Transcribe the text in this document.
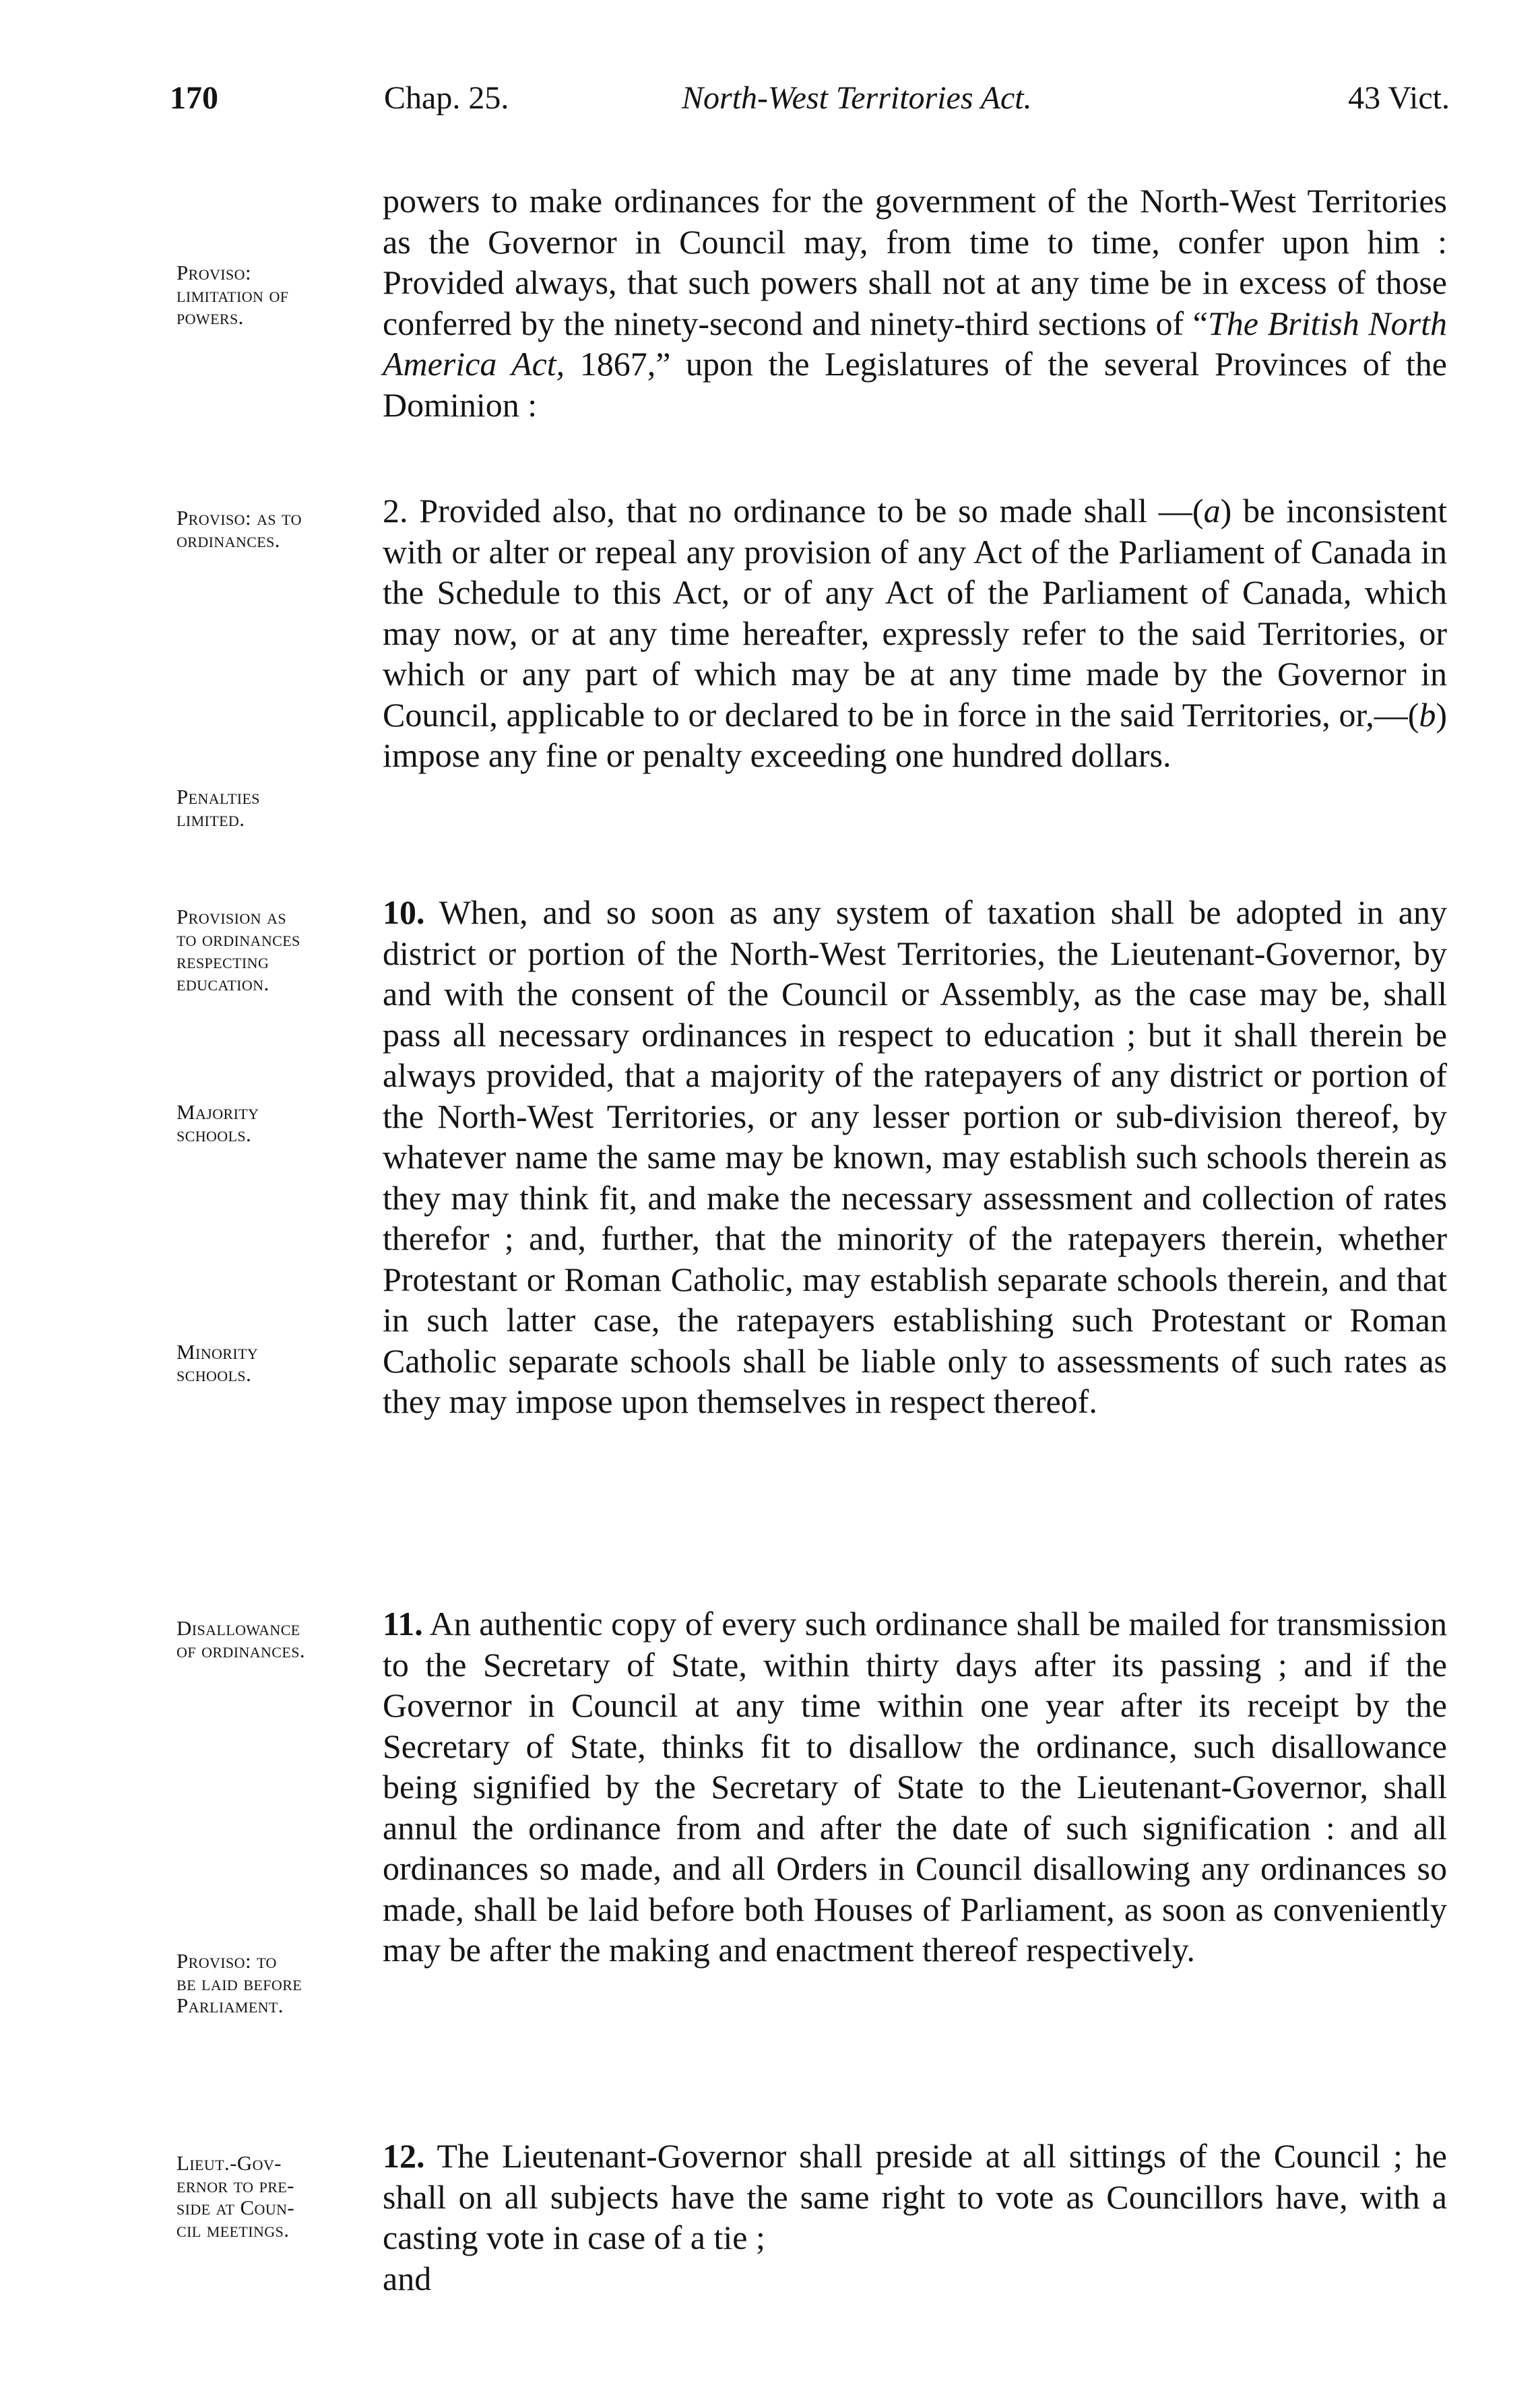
170	Chap. 25.	North-West Territories Act.	43 Vict.
Proviso:
limitation of
powers.
Proviso: as to
ordinances.
Penalties
limited.
Provision as
to ordinances
respecting
education.
Majority
schools.
Minority
schools.
Disallowance
of ordinances.
Proviso: to
be laid before
Parliament.
Lieut.-Gov-
ernor to pre-
side at Coun-
cil meetings.

powers to make ordinances for the government of the North-West Territories as the Governor in Council may, from time to time, confer upon him : Provided always, that such powers shall not at any time be in excess of those conferred by the ninety-second and ninety-third sections of “The British North America Act, 1867,” upon the Legislatures of the several Provinces of the Dominion :

2. Provided also, that no ordinance to be so made shall —(a) be inconsistent with or alter or repeal any provision of any Act of the Parliament of Canada in the Schedule to this Act, or of any Act of the Parliament of Canada, which may now, or at any time hereafter, expressly refer to the said Territories, or which or any part of which may be at any time made by the Governor in Council, applicable to or declared to be in force in the said Territories, or,—(b) impose any fine or penalty exceeding one hundred dollars.

10. When, and so soon as any system of taxation shall be adopted in any district or portion of the North-West Territories, the Lieutenant-Governor, by and with the consent of the Council or Assembly, as the case may be, shall pass all necessary ordinances in respect to education ; but it shall therein be always provided, that a majority of the ratepayers of any district or portion of the North-West Territories, or any lesser portion or sub-division thereof, by whatever name the same may be known, may establish such schools therein as they may think fit, and make the necessary assessment and collection of rates therefor ; and, further, that the minority of the ratepayers therein, whether Protestant or Roman Catholic, may establish separate schools therein, and that in such latter case, the ratepayers establishing such Protestant or Roman Catholic separate schools shall be liable only to assessments of such rates as they may impose upon themselves in respect thereof.

11. An authentic copy of every such ordinance shall be mailed for transmission to the Secretary of State, within thirty days after its passing ; and if the Governor in Council at any time within one year after its receipt by the Secretary of State, thinks fit to disallow the ordinance, such disallowance being signified by the Secretary of State to the Lieutenant-Governor, shall annul the ordinance from and after the date of such signification : and all ordinances so made, and all Orders in Council disallowing any ordinances so made, shall be laid before both Houses of Parliament, as soon as conveniently may be after the making and enactment thereof respectively.

12. The Lieutenant-Governor shall preside at all sittings of the Council ; he shall on all subjects have the same right to vote as Councillors have, with a casting vote in case of a tie ;

and
